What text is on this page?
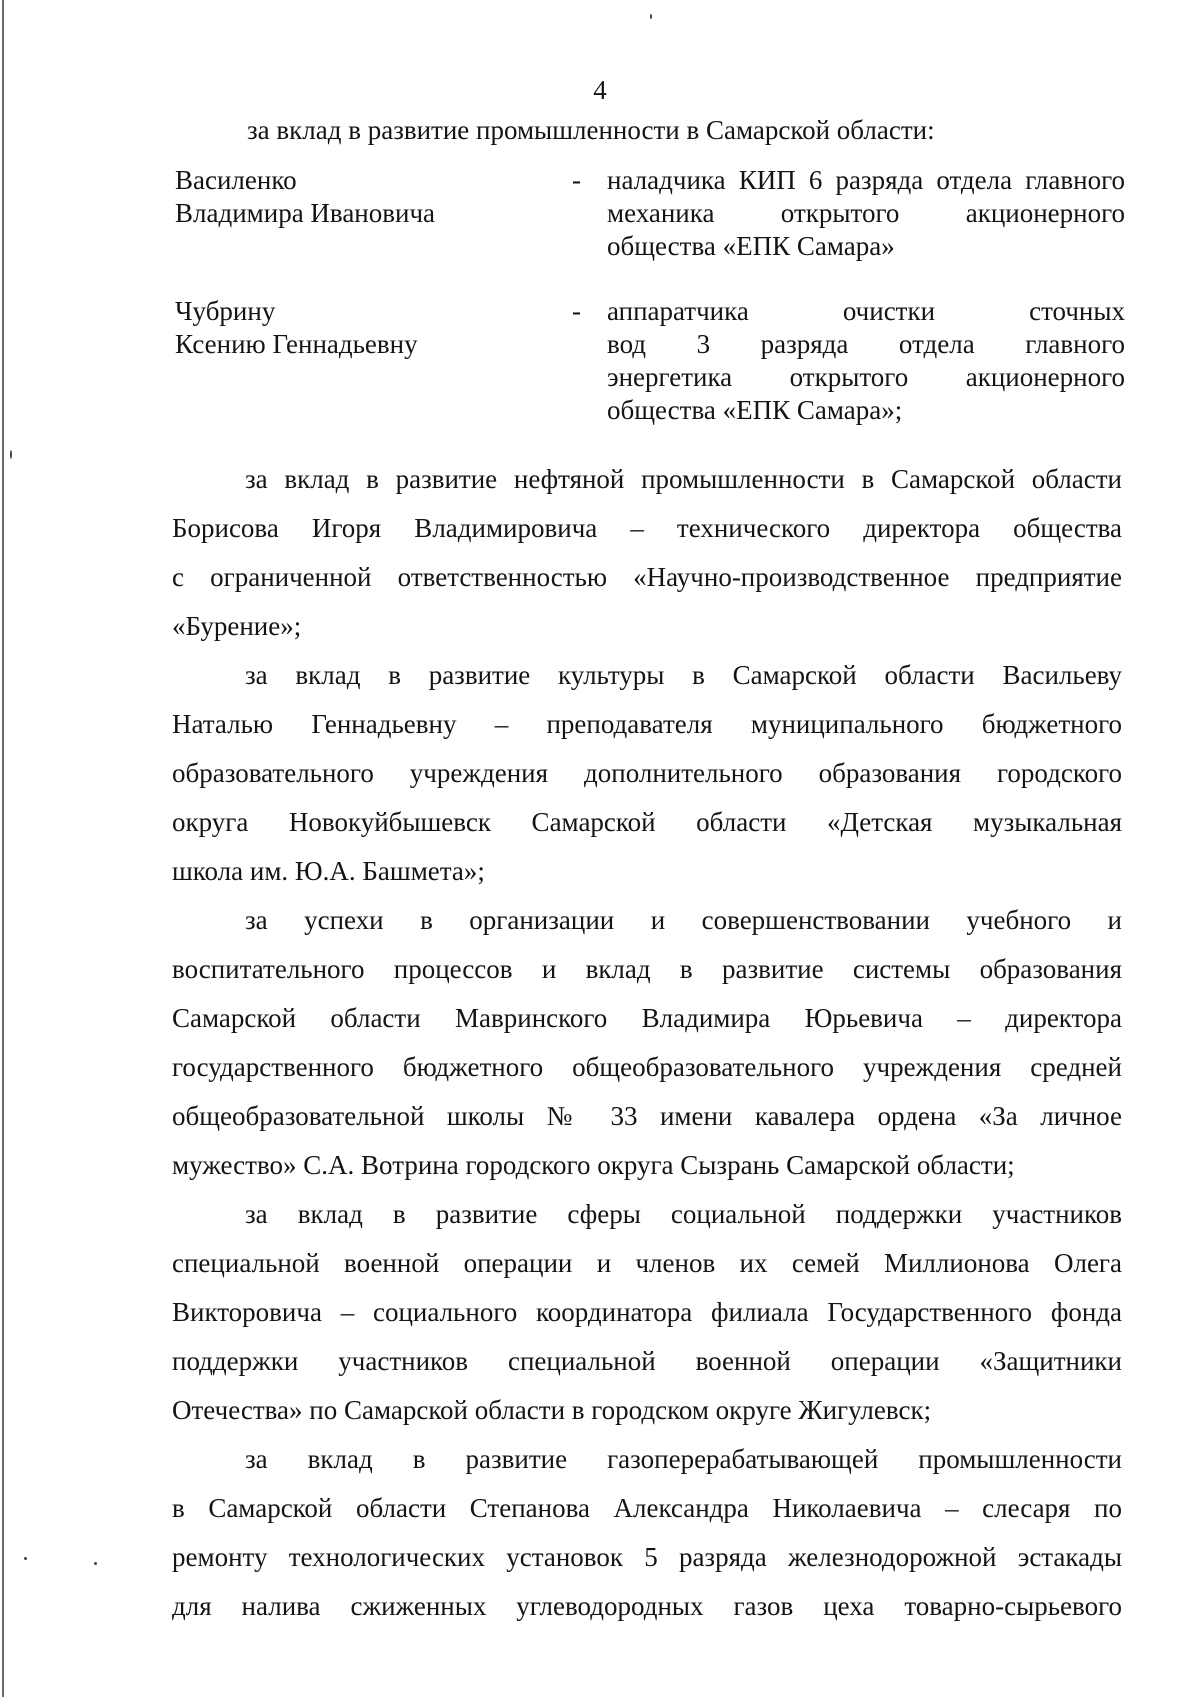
4
за вклад в развитие промышленности в Самарской области:
Василенко
Владимира Ивановича
- наладчика КИП 6 разряда отдела главного
механика открытого акционерного
общества «ЕПК Самара»
Чубрину
Ксению Геннадьевну
- аппаратчика очистки сточных
вод 3 разряда отдела главного
энергетика открытого акционерного
общества «ЕПК Самара»;
за вклад в развитие нефтяной промышленности в Самарской области
Борисова Игоря Владимировича – технического директора общества
с ограниченной ответственностью «Научно-производственное предприятие
«Бурение»;
за вклад в развитие культуры в Самарской области Васильеву
Наталью Геннадьевну – преподавателя муниципального бюджетного
образовательного учреждения дополнительного образования городского
округа Новокуйбышевск Самарской области «Детская музыкальная
школа им. Ю.А. Башмета»;
за успехи в организации и совершенствовании учебного и
воспитательного процессов и вклад в развитие системы образования
Самарской области Мавринского Владимира Юрьевича – директора
государственного бюджетного общеобразовательного учреждения средней
общеобразовательной школы № 33 имени кавалера ордена «За личное
мужество» С.А. Вотрина городского округа Сызрань Самарской области;
за вклад в развитие сферы социальной поддержки участников
специальной военной операции и членов их семей Миллионова Олега
Викторовича – социального координатора филиала Государственного фонда
поддержки участников специальной военной операции «Защитники
Отечества» по Самарской области в городском округе Жигулевск;
за вклад в развитие газоперерабатывающей промышленности
в Самарской области Степанова Александра Николаевича – слесаря по
ремонту технологических установок 5 разряда железнодорожной эстакады
для налива сжиженных углеводородных газов цеха товарно-сырьевого
